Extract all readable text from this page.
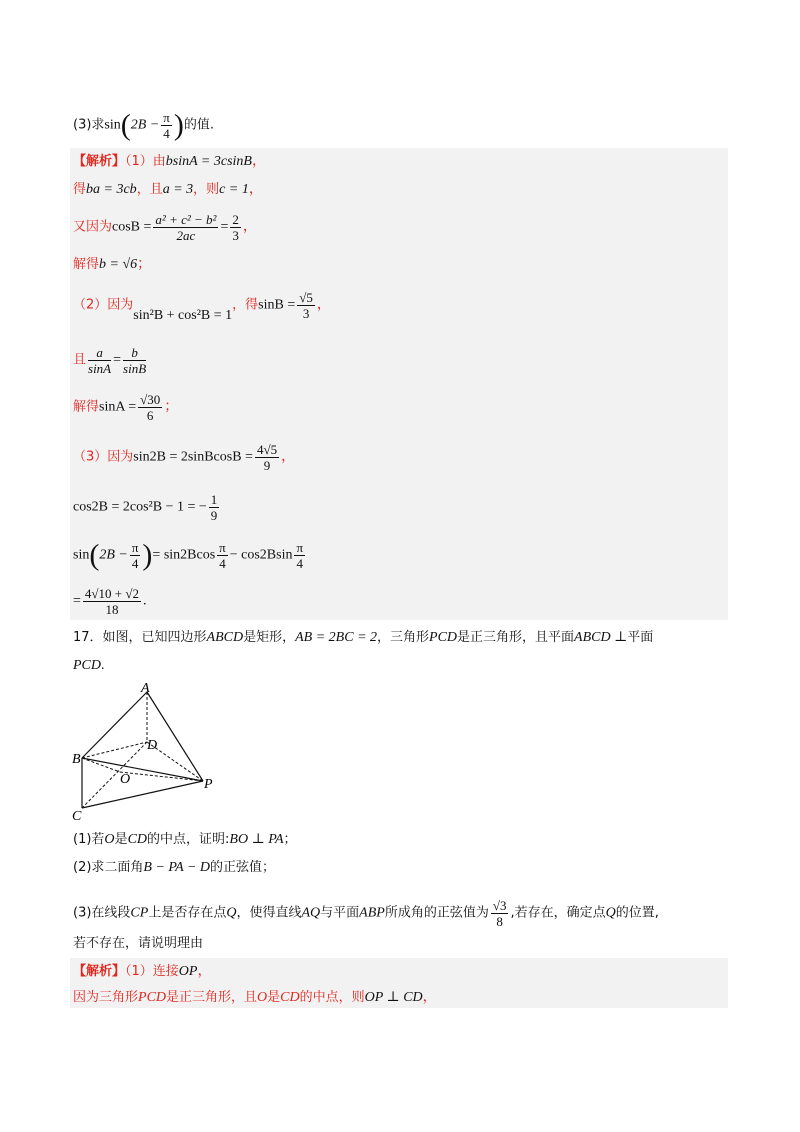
(3)求$\sin(2B - \frac{\pi}{4}$ )的值.
【解析】（1）由bsinA = 3csinB，
得ba = 3cb，且a = 3，则c = 1，
又因为$\cos B = \frac{\text{a² + c² − b²}}{2ac} = \frac{2}{3}$ ，
解得b = √6；
（2）因为sin²B + cos²B = 1，得$\sin B = \frac{√5}{3}$ ，
且 $\frac{a}{\sin A} = \frac{b}{\sin B}$
解得$\sin A = \frac{√30}{6}$ ；
（3）因为sin2B = 2sinBcosB = $\frac{4√5}{9}$ ，
cos2B = 2cos²B − 1 = − $\frac{1}{9}$
$\sin(2B - \frac{\pi}{4}$ )= $\sin 2Bcos \frac{\pi}{4} - \cos 2Bsin \frac{\pi}{4}$
= $\frac{4√10 + √2}{18}$ .
17．如图，已知四边形ABCD是矩形，AB = 2BC = 2，三角形PCD是正三角形，且平面ABCD ⊥平面
PCD.
A
B
C
D
O	P
(1)若O是CD的中点，证明:BO ⊥ PA；
(2)求二面角B − PA − D的正弦值；
(3)在线段CP上是否存在点Q，使得直线AQ与平面ABP所成角的正弦值为 $\frac{√3}{8}$ ,若存在，确定点Q的位置,
若不存在，请说明理由
【解析】（1）连接OP，
因为三角形PCD是正三角形，且O是CD的中点，则OP ⊥ CD，
